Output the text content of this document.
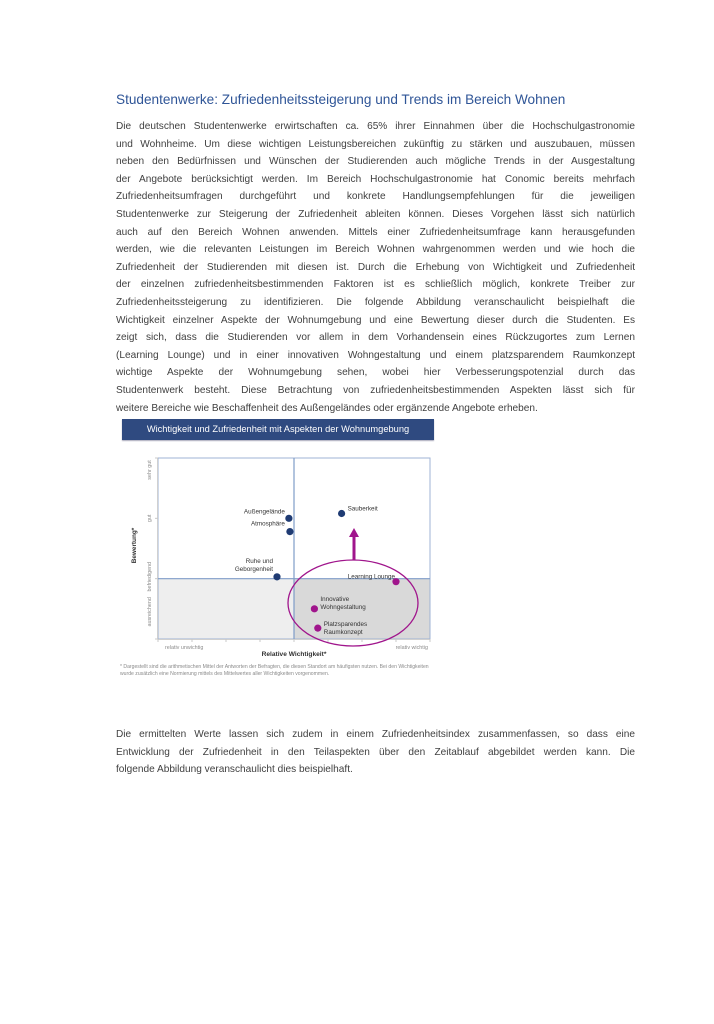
Studentenwerke: Zufriedenheitssteigerung und Trends im Bereich Wohnen
Die deutschen Studentenwerke erwirtschaften ca. 65% ihrer Einnahmen über die Hochschulgastronomie
und Wohnheime. Um diese wichtigen Leistungsbereichen zukünftig zu stärken und auszubauen, müssen
neben den Bedürfnissen und Wünschen der Studierenden auch mögliche Trends in der Ausgestaltung
der Angebote berücksichtigt werden. Im Bereich Hochschulgastronomie hat Conomic bereits mehrfach
Zufriedenheitsumfragen durchgeführt und konkrete Handlungsempfehlungen für die jeweiligen
Studentenwerke zur Steigerung der Zufriedenheit ableiten können. Dieses Vorgehen lässt sich natürlich
auch auf den Bereich Wohnen anwenden. Mittels einer Zufriedenheitsumfrage kann herausgefunden
werden, wie die relevanten Leistungen im Bereich Wohnen wahrgenommen werden und wie hoch die
Zufriedenheit der Studierenden mit diesen ist. Durch die Erhebung von Wichtigkeit und Zufriedenheit
der einzelnen zufriedenheitsbestimmenden Faktoren ist es schließlich möglich, konkrete Treiber zur
Zufriedenheitssteigerung zu identifizieren. Die folgende Abbildung veranschaulicht beispielhaft die
Wichtigkeit einzelner Aspekte der Wohnumgebung und eine Bewertung dieser durch die Studenten. Es
zeigt sich, dass die Studierenden vor allem in dem Vorhandensein eines Rückzugortes zum Lernen
(Learning Lounge) und in einer innovativen Wohngestaltung und einem platzsparendem Raumkonzept
wichtige Aspekte der Wohnumgebung sehen, wobei hier Verbesserungspotenzial durch das
Studentenwerk besteht. Diese Betrachtung von zufriedenheitsbestimmenden Aspekten lässt sich für
weitere Bereiche wie Beschaffenheit des Außengeländes oder ergänzende Angebote erheben.
Wichtigkeit und Zufriedenheit mit Aspekten der Wohnumgebung
sehr gut
gut
befriedigend
ausreichend
Bewertung*
Relative Wichtigkeit*
relativ unwichtig	relativ wichtig
Außengelände
Atmosphäre
Ruhe und
Geborgenheit
Sauberkeit
Learning Lounge
Innovative
Wohngestaltung
Platzsparendes
Raumkonzept
* Dargestellt sind die arithmetischen Mittel der Antworten der Befragten, die diesen Standort am häufigsten nutzen. Bei den Wichtigkeiten wurde zusätzlich eine Normierung mittels des Mittelwertes aller Wichtigkeiten vorgenommen.
Die ermittelten Werte lassen sich zudem in einem Zufriedenheitsindex zusammenfassen, so dass eine
Entwicklung der Zufriedenheit in den Teilaspekten über den Zeitablauf abgebildet werden kann. Die
folgende Abbildung veranschaulicht dies beispielhaft.
